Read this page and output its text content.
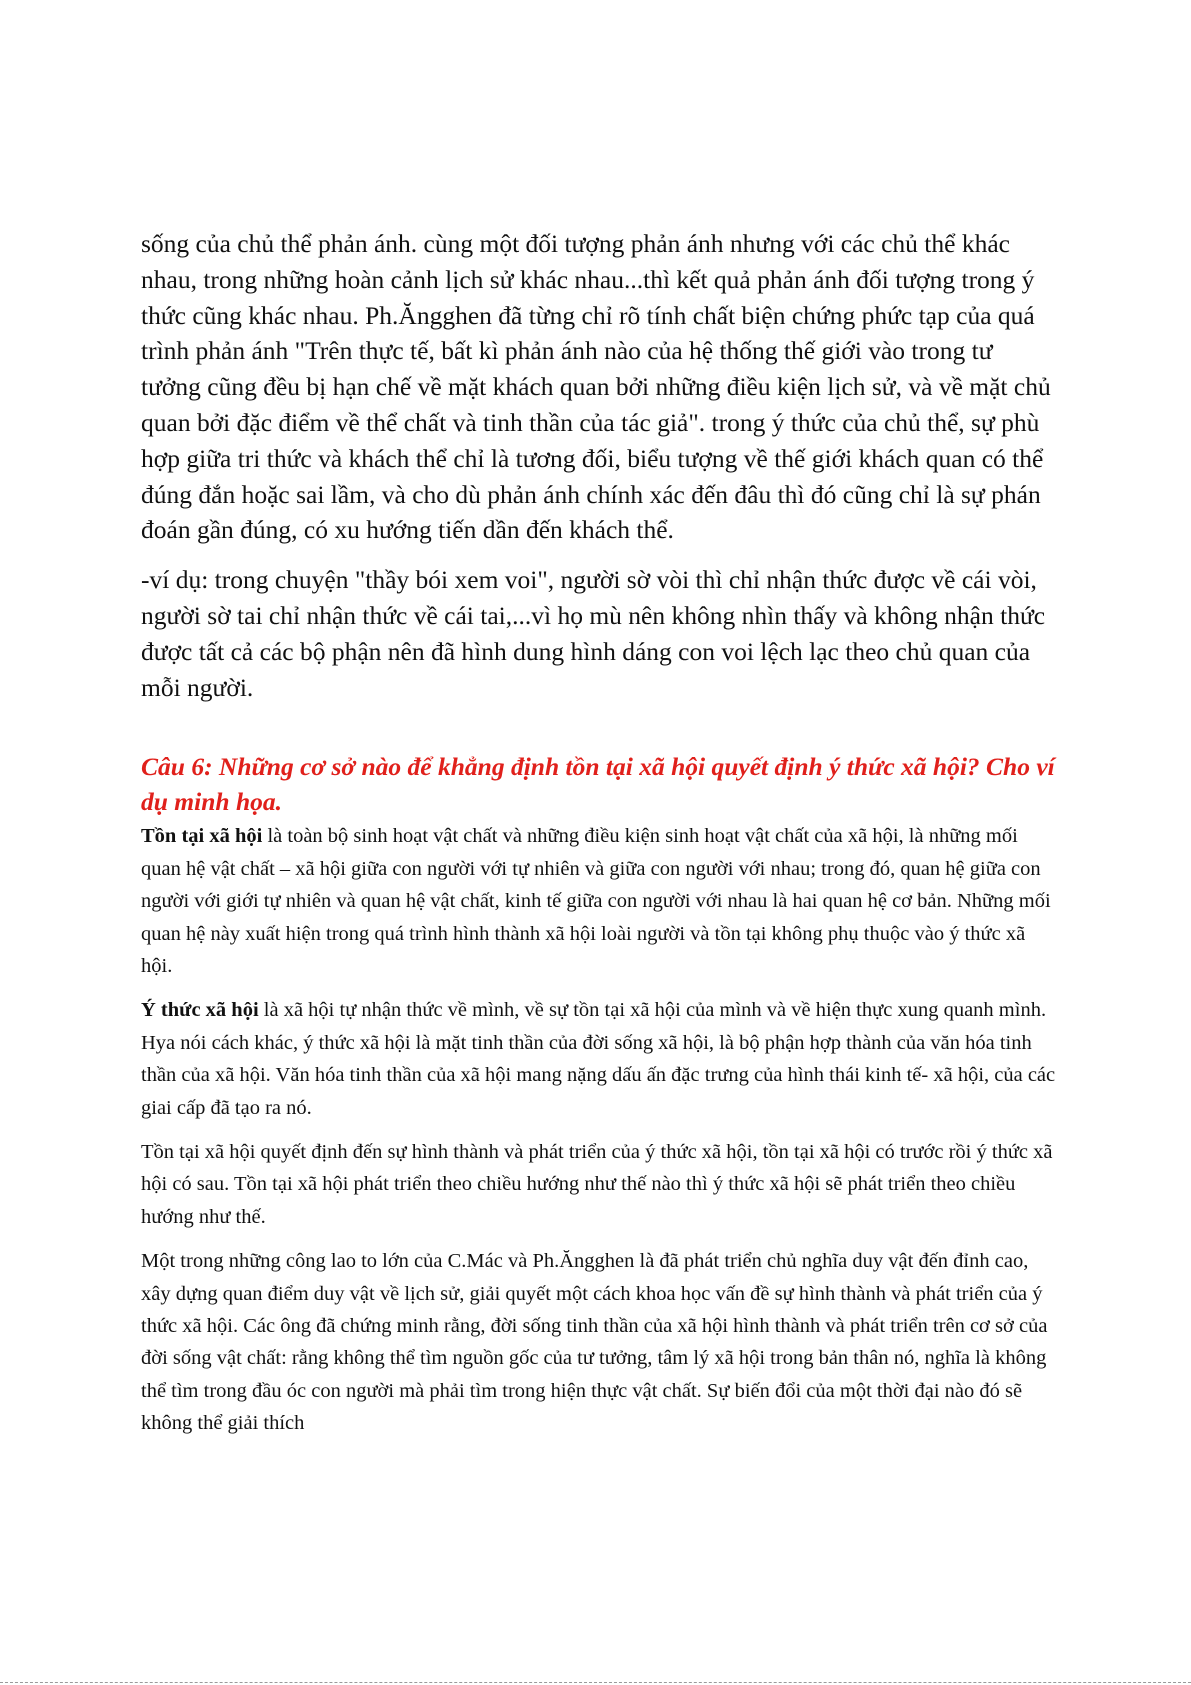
sống của chủ thể phản ánh. cùng một đối tượng phản ánh nhưng với các chủ thể khác nhau, trong những hoàn cảnh lịch sử khác nhau...thì kết quả phản ánh đối tượng trong ý thức cũng khác nhau. Ph.Ăngghen đã từng chỉ rõ tính chất biện chứng phức tạp của quá trình phản ánh "Trên thực tế, bất kì phản ánh nào của hệ thống thế giới vào trong tư tưởng cũng đều bị hạn chế về mặt khách quan bởi những điều kiện lịch sử, và về mặt chủ quan bởi đặc điểm về thể chất và tinh thần của tác giả". trong ý thức của chủ thể, sự phù hợp giữa tri thức và khách thể chỉ là tương đối, biểu tượng về thế giới khách quan có thể đúng đắn hoặc sai lầm, và cho dù phản ánh chính xác đến đâu thì đó cũng chỉ là sự phán đoán gần đúng, có xu hướng tiến dần đến khách thể.

-ví dụ: trong chuyện "thầy bói xem voi", người sờ vòi thì chỉ nhận thức được về cái vòi, người sờ tai chỉ nhận thức về cái tai,...vì họ mù nên không nhìn thấy và không nhận thức được tất cả các bộ phận nên đã hình dung hình dáng con voi lệch lạc theo chủ quan của mỗi người.

Câu 6: Những cơ sở nào để khẳng định tồn tại xã hội quyết định ý thức xã hội? Cho ví dụ minh họa.

Tồn tại xã hội là toàn bộ sinh hoạt vật chất và những điều kiện sinh hoạt vật chất của xã hội, là những mối quan hệ vật chất – xã hội giữa con người với tự nhiên và giữa con người với nhau; trong đó, quan hệ giữa con người với giới tự nhiên và quan hệ vật chất, kinh tế giữa con người với nhau là hai quan hệ cơ bản. Những mối quan hệ này xuất hiện trong quá trình hình thành xã hội loài người và tồn tại không phụ thuộc vào ý thức xã hội.

Ý thức xã hội là xã hội tự nhận thức về mình, về sự tồn tại xã hội của mình và về hiện thực xung quanh mình. Hya nói cách khác, ý thức xã hội là mặt tinh thần của đời sống xã hội, là bộ phận hợp thành của văn hóa tinh thần của xã hội. Văn hóa tinh thần của xã hội mang nặng dấu ấn đặc trưng của hình thái kinh tế- xã hội, của các giai cấp đã tạo ra nó.

Tồn tại xã hội quyết định đến sự hình thành và phát triển của ý thức xã hội, tồn tại xã hội có trước rồi ý thức xã hội có sau. Tồn tại xã hội phát triển theo chiều hướng như thế nào thì ý thức xã hội sẽ phát triển theo chiều hướng như thế.

Một trong những công lao to lớn của C.Mác và Ph.Ăngghen là đã phát triển chủ nghĩa duy vật đến đỉnh cao, xây dựng quan điểm duy vật về lịch sử, giải quyết một cách khoa học vấn đề sự hình thành và phát triển của ý thức xã hội. Các ông đã chứng minh rằng, đời sống tinh thần của xã hội hình thành và phát triển trên cơ sở của đời sống vật chất: rằng không thể tìm nguồn gốc của tư tưởng, tâm lý xã hội trong bản thân nó, nghĩa là không thể tìm trong đầu óc con người mà phải tìm trong hiện thực vật chất. Sự biến đổi của một thời đại nào đó sẽ không thể giải thích
